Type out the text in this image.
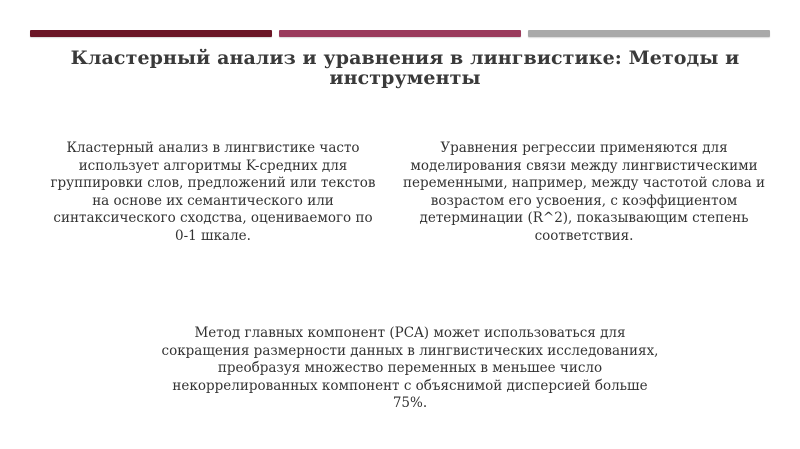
Кластерный анализ и уравнения в лингвистике: Методы и инструменты

Кластерный анализ в лингвистике часто использует алгоритмы K-средних для группировки слов, предложений или текстов на основе их семантического или синтаксического сходства, оцениваемого по 0-1 шкале.

Уравнения регрессии применяются для моделирования связи между лингвистическими переменными, например, между частотой слова и возрастом его усвоения, с коэффициентом детерминации (R^2), показывающим степень соответствия.

Метод главных компонент (PCA) может использоваться для сокращения размерности данных в лингвистических исследованиях, преобразуя множество переменных в меньшее число некоррелированных компонент с объяснимой дисперсией больше 75%.
